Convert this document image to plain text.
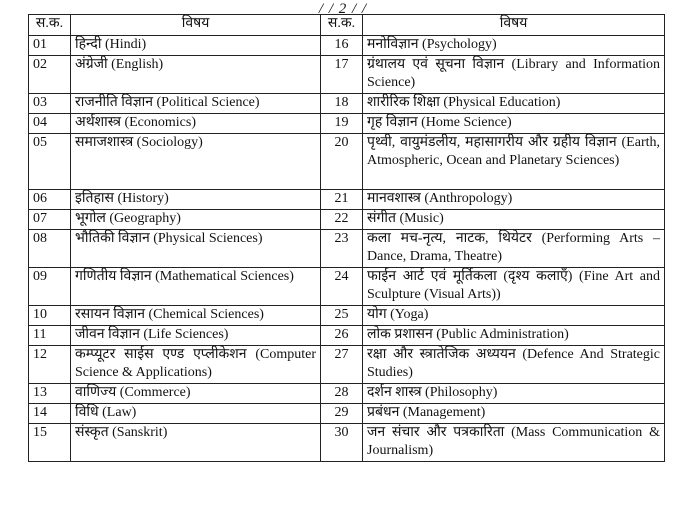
/ / 2 / /
स.क.	विषय	स.क.	विषय
01	हिन्दी (Hindi)	16	मनोविज्ञान (Psychology)
02	अंग्रेजी (English)	17	ग्रंथालय एवं सूचना विज्ञान (Library and Information Science)
03	राजनीति विज्ञान (Political Science)	18	शारीरिक शिक्षा (Physical Education)
04	अर्थशास्त्र (Economics)	19	गृह विज्ञान (Home Science)
05	समाजशास्त्र (Sociology)	20	पृथ्वी, वायुमंडलीय, महासागरीय और ग्रहीय विज्ञान (Earth, Atmospheric, Ocean and Planetary Sciences)
06	इतिहास (History)	21	मानवशास्त्र (Anthropology)
07	भूगोल (Geography)	22	संगीत (Music)
08	भौतिकी विज्ञान (Physical Sciences)	23	कला मच-नृत्य, नाटक, थियेटर (Performing Arts – Dance, Drama, Theatre)
09	गणितीय विज्ञान (Mathematical Sciences)	24	फाईन आर्ट एवं मूर्तिकला (दृश्य कलाएँ) (Fine Art and Sculpture (Visual Arts))
10	रसायन विज्ञान (Chemical Sciences)	25	योग (Yoga)
11	जीवन विज्ञान (Life Sciences)	26	लोक प्रशासन (Public Administration)
12	कम्प्यूटर साईस एण्ड एप्लीकेशन (Computer Science & Applications)	27	रक्षा और स्त्रातेजिक अध्ययन (Defence And Strategic Studies)
13	वाणिज्य (Commerce)	28	दर्शन शास्त्र (Philosophy)
14	विधि (Law)	29	प्रबंधन (Management)
15	संस्कृत (Sanskrit)	30	जन संचार और पत्रकारिता (Mass Communication & Journalism)
